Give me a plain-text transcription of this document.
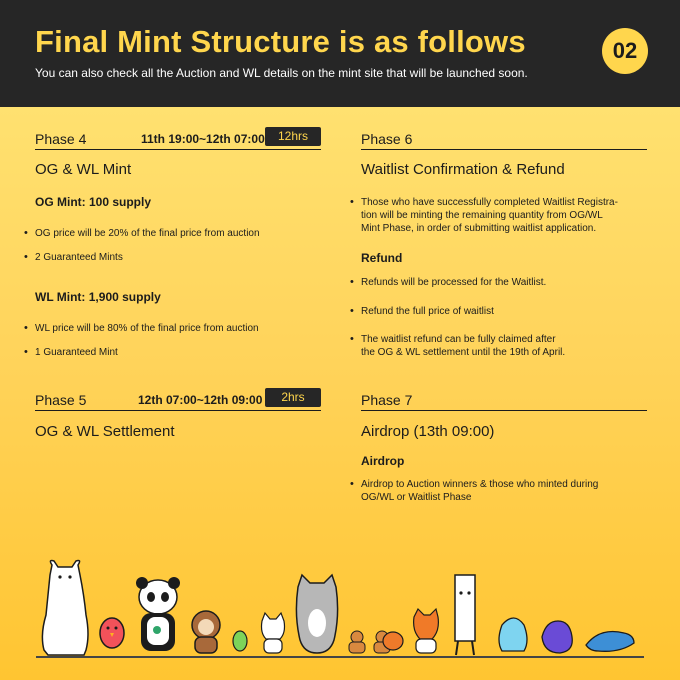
Final Mint Structure is as follows
You can also check all the Auction and WL details on the mint site that will be launched soon.
02
Phase 4	11th 19:00~12th 07:00	12hrs
OG & WL Mint
OG Mint: 100 supply
• OG price will be 20% of the final price from auction
• 2 Guaranteed Mints
WL Mint: 1,900 supply
• WL price will be 80% of the final price from auction
• 1 Guaranteed Mint
Phase 5	12th 07:00~12th 09:00	2hrs
OG & WL Settlement
Phase 6
Waitlist Confirmation & Refund
• Those who have successfully completed Waitlist Registra-
tion will be minting the remaining quantity from OG/WL
Mint Phase, in order of submitting waitlist application.
Refund
• Refunds will be processed for the Waitlist.
• Refund the full price of waitlist
• The waitlist refund can be fully claimed after
the OG & WL settlement until the 19th of April.
Phase 7
Airdrop (13th 09:00)
Airdrop
• Airdrop to Auction winners & those who minted during
OG/WL or Waitlist Phase
